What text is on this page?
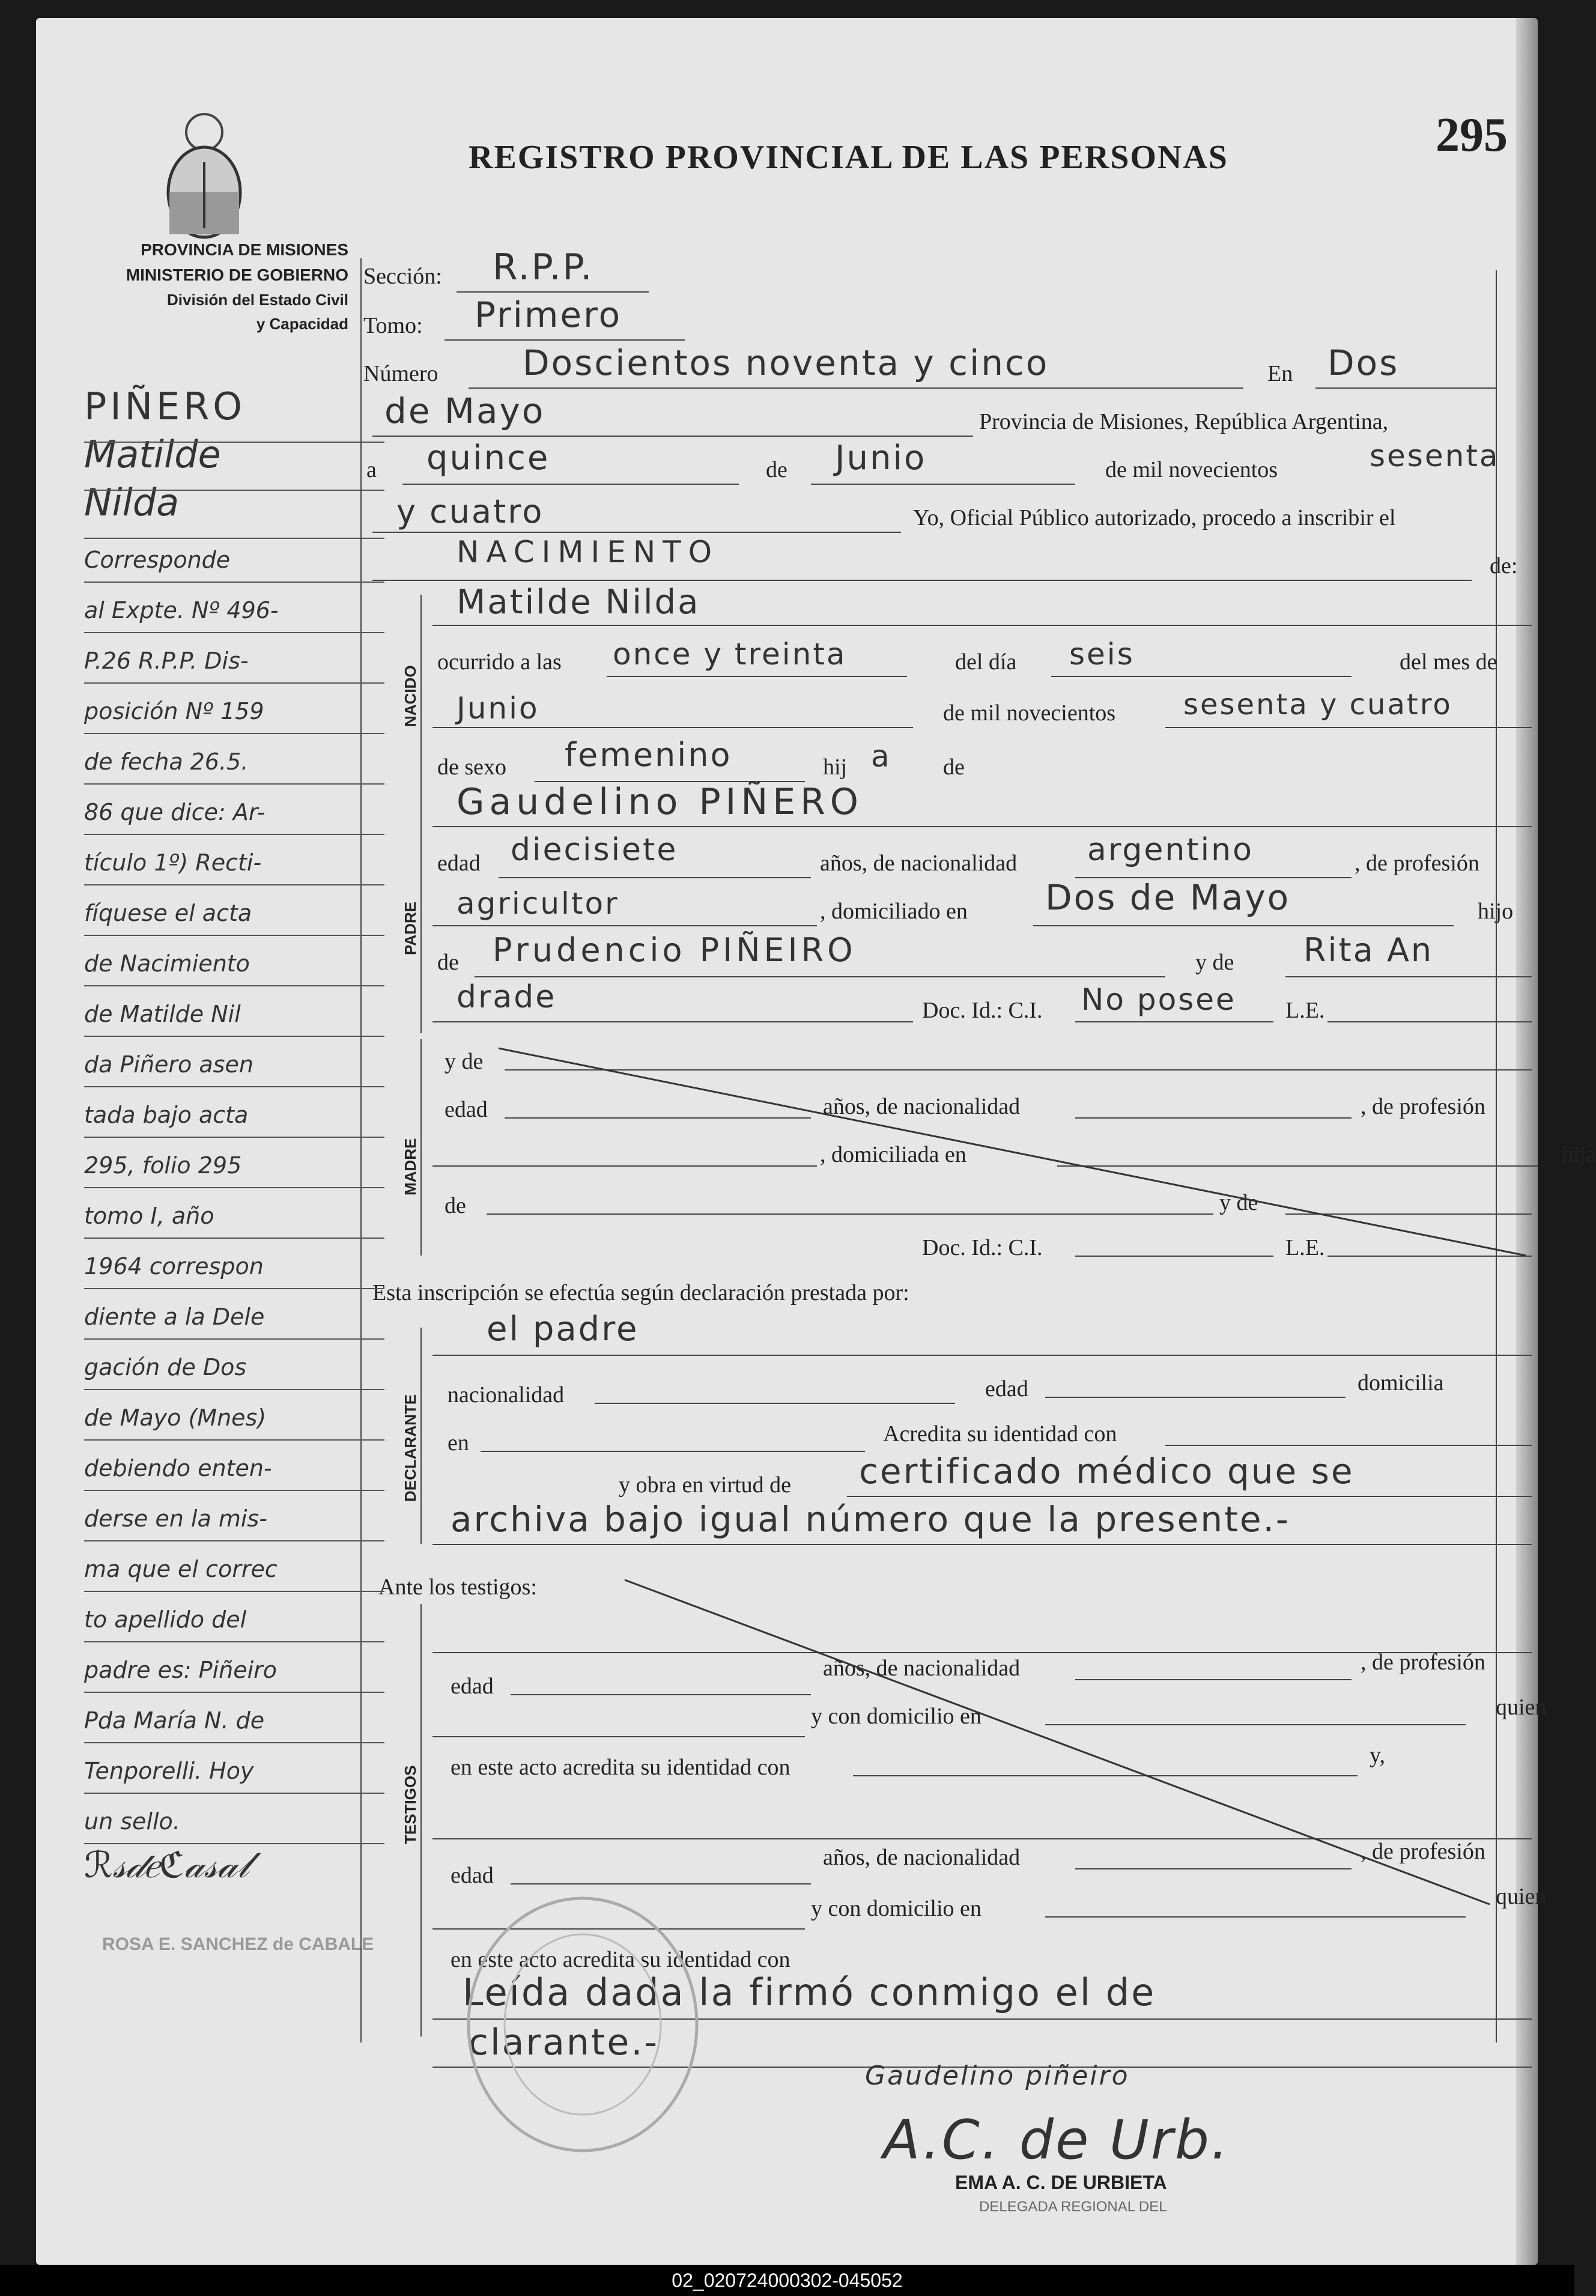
REGISTRO PROVINCIAL DE LAS PERSONAS	295
PROVINCIA DE MISIONES
MINISTERIO DE GOBIERNO
División del Estado Civil
y Capacidad
PIÑERO
Matilde
Nilda
ℛ𝓈𝒹𝑒ℭ𝒶𝓈𝒶𝓁
ROSA E. SANCHEZ de CABALE
Sección: R.P.P.
Tomo: Primero
Número Doscientos noventa y cinco	En Dos
de Mayo	Provincia de Misiones, República Argentina,
a quince	de Junio	de mil novecientos	sesenta
y cuatro	Yo, Oficial Público autorizado, procedo a inscribir el
NACIMIENTO	de:
NACIDO
Matilde Nilda
ocurrido a las once y treinta	del día seis	del mes de
Junio	de mil novecientos sesenta y cuatro
de sexo femenino	hij a de
PADRE
Gaudelino PIÑERO
edad diecisiete	años, de nacionalidad argentino	, de profesión
agricultor	, domiciliado en Dos de Mayo	hijo
de Prudencio PIÑEIRO	y de Rita An
drade	Doc. Id.: C.I. No posee L.E.
MADRE
y de
edad	años, de nacionalidad	, de profesión
, domiciliada en	hija
de	y de
Doc. Id.: C.I.	L.E.
Esta inscripción se efectúa según declaración prestada por:
DECLARANTE
el padre
nacionalidad	edad	domicilia
en	Acredita su identidad con
y obra en virtud de certificado médico que se
archiva bajo igual número que la presente.-
Ante los testigos:
TESTIGOS
edad
años, de nacionalidad	, de profesión
y con domicilio en	quien
en este acto acredita su identidad con	y,
edad
años, de nacionalidad	, de profesión
y con domicilio en	quien
en este acto acredita su identidad con
Leída dada la firmó conmigo el de
clarante.-
Gaudelino piñeiro
A.C. de Urb.
EMA A. C. DE URBIETA
DELEGADA REGIONAL DEL
Corresponde
al Expte. Nº 496-
P.26 R.P.P. Dis-
posición Nº 159
de fecha 26.5.
86 que dice: Ar-
tículo 1º) Recti-
fíquese el acta
de Nacimiento
de Matilde Nil
da Piñero asen
tada bajo acta
295, folio 295
tomo I, año
1964 correspon
diente a la Dele
gación de Dos
de Mayo (Mnes)
debiendo enten-
derse en la mis-
ma que el correc
to apellido del
padre es: Piñeiro
Pda María N. de
Tenporelli. Hoy
un sello.
02_020724000302-045052
